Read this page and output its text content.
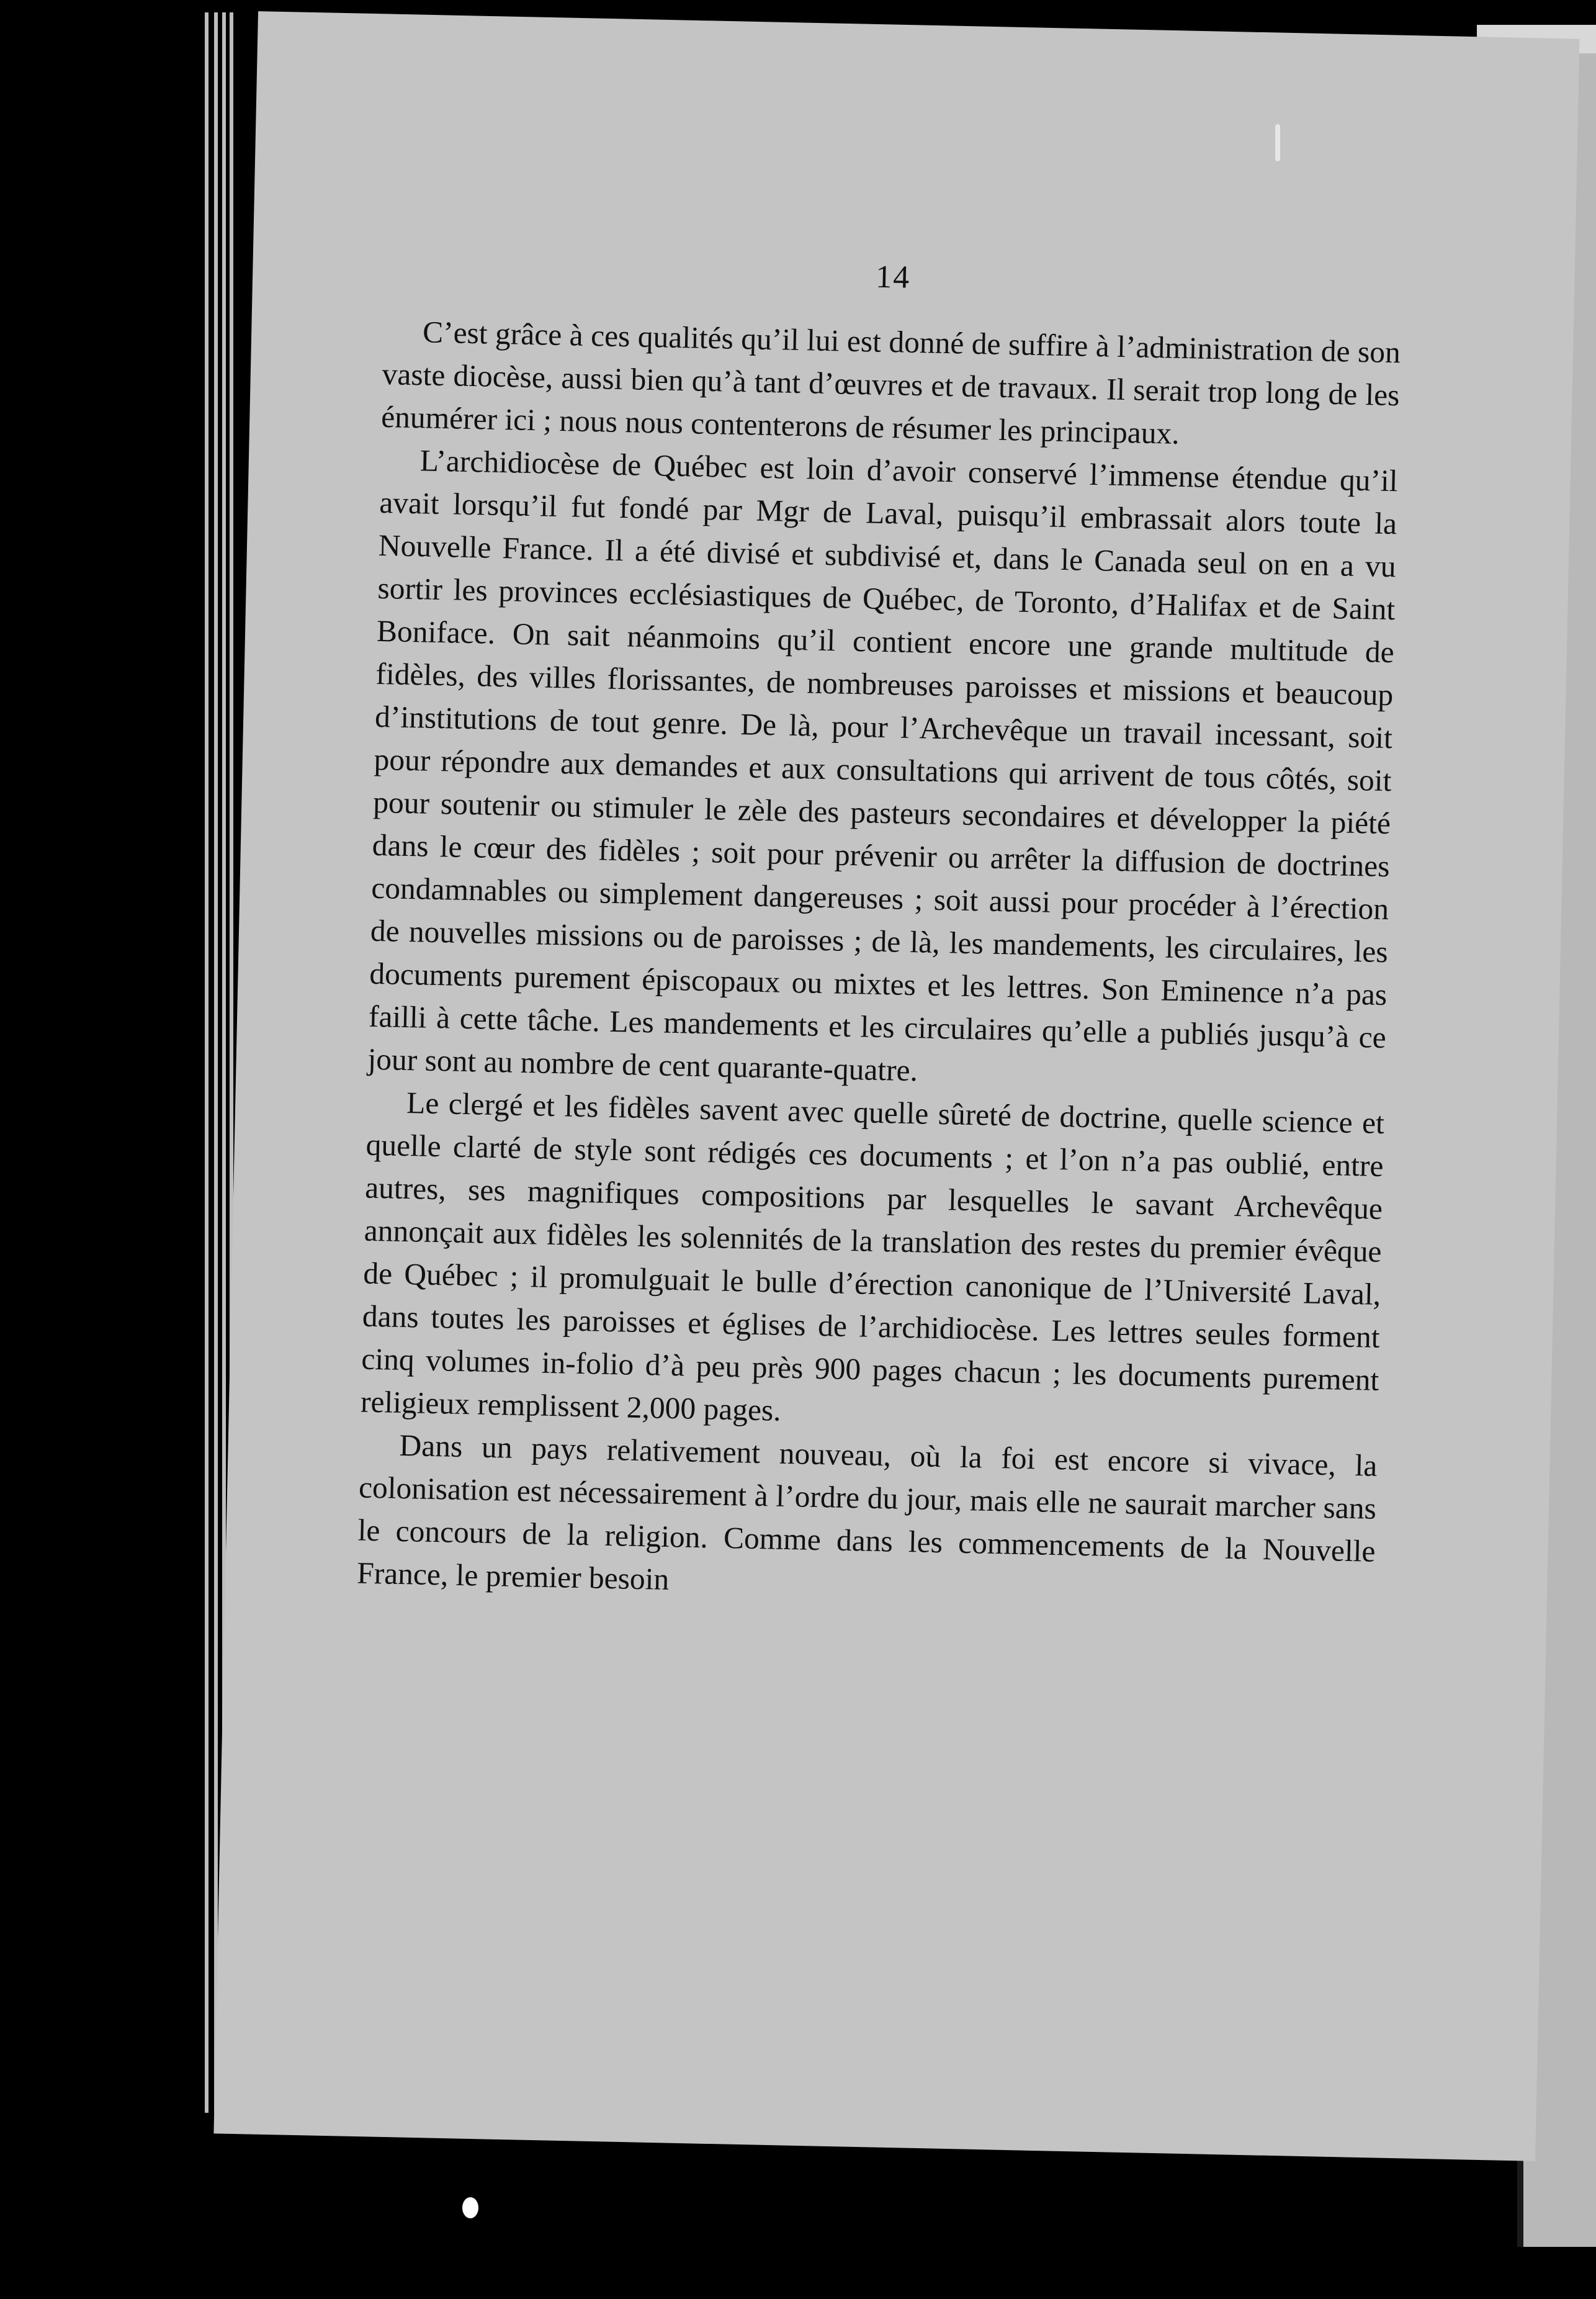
14

C’est grâce à ces qualités qu’il lui est donné de suffire à l’administration de son vaste diocèse, aussi bien qu’à tant d’œuvres et de travaux. Il serait trop long de les énumérer ici ; nous nous contenterons de résumer les principaux.

L’archidiocèse de Québec est loin d’avoir conservé l’immense étendue qu’il avait lorsqu’il fut fondé par Mgr de Laval, puisqu’il embrassait alors toute la Nouvelle France. Il a été divisé et subdivisé et, dans le Canada seul on en a vu sortir les provinces ecclésiastiques de Québec, de Toronto, d’Halifax et de Saint Boniface. On sait néanmoins qu’il contient encore une grande multitude de fidèles, des villes florissantes, de nombreuses paroisses et missions et beaucoup d’institutions de tout genre. De là, pour l’Archevêque un travail incessant, soit pour répondre aux demandes et aux consultations qui arrivent de tous côtés, soit pour soutenir ou stimuler le zèle des pasteurs secondaires et développer la piété dans le cœur des fidèles ; soit pour prévenir ou arrêter la diffusion de doctrines condamnables ou simplement dangereuses ; soit aussi pour procéder à l’érection de nouvelles missions ou de paroisses ; de là, les mandements, les circulaires, les documents purement épiscopaux ou mixtes et les lettres. Son Eminence n’a pas failli à cette tâche. Les mandements et les circulaires qu’elle a publiés jusqu’à ce jour sont au nombre de cent quarante-quatre.

Le clergé et les fidèles savent avec quelle sûreté de doctrine, quelle science et quelle clarté de style sont rédigés ces documents ; et l’on n’a pas oublié, entre autres, ses magnifiques compositions par lesquelles le savant Archevêque annonçait aux fidèles les solennités de la translation des restes du premier évêque de Québec ; il promulguait le bulle d’érection canonique de l’Université Laval, dans toutes les paroisses et églises de l’archidiocèse. Les lettres seules forment cinq volumes in-folio d’à peu près 900 pages chacun ; les documents purement religieux remplissent 2,000 pages.

Dans un pays relativement nouveau, où la foi est encore si vivace, la colonisation est nécessairement à l’ordre du jour, mais elle ne saurait marcher sans le concours de la religion. Comme dans les commencements de la Nouvelle France, le premier besoin
